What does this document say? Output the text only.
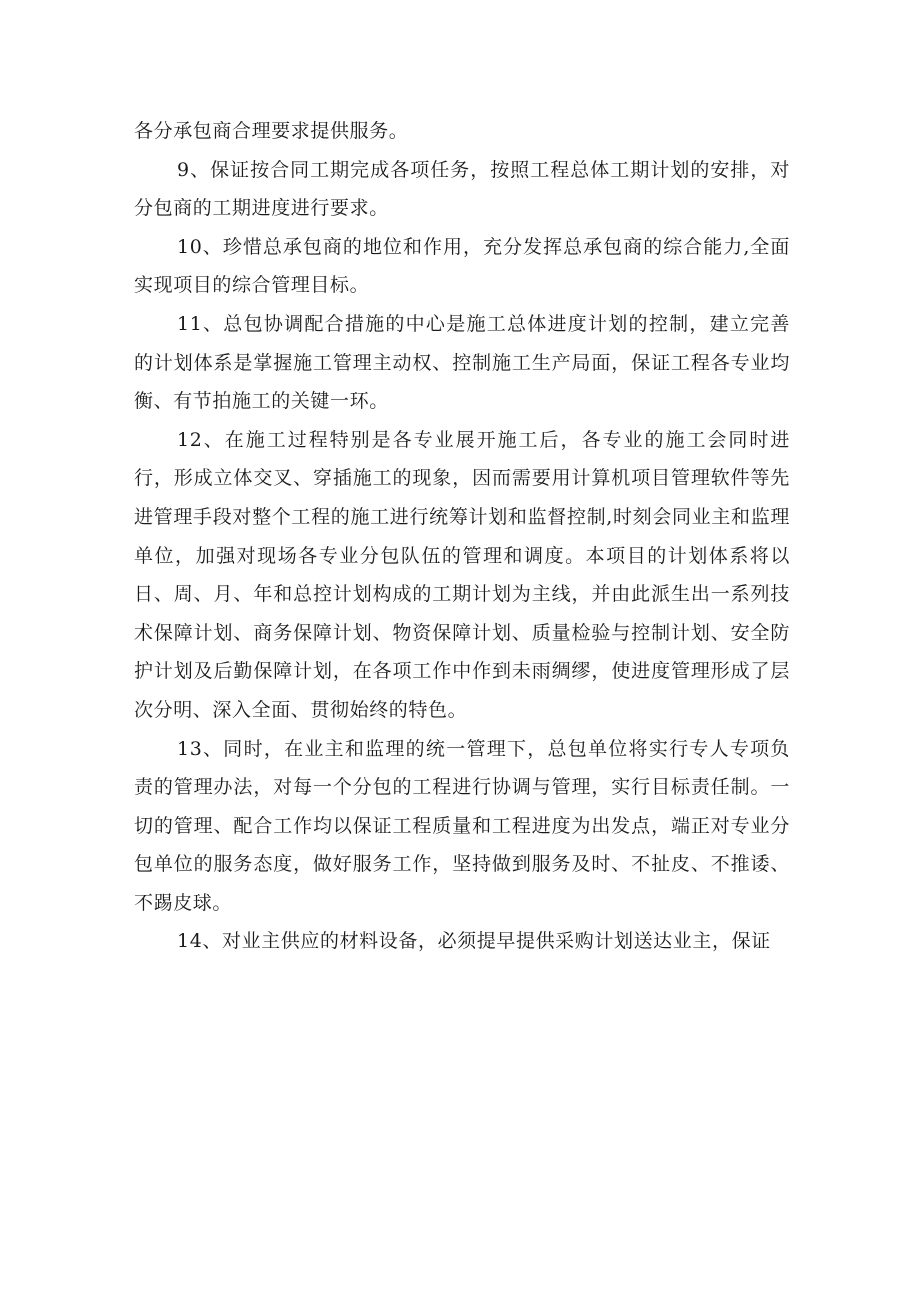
各分承包商合理要求提供服务。

9、保证按合同工期完成各项任务，按照工程总体工期计划的安排，对分包商的工期进度进行要求。

10、珍惜总承包商的地位和作用，充分发挥总承包商的综合能力,全面实现项目的综合管理目标。

11、总包协调配合措施的中心是施工总体进度计划的控制，建立完善的计划体系是掌握施工管理主动权、控制施工生产局面，保证工程各专业均衡、有节拍施工的关键一环。

12、在施工过程特别是各专业展开施工后，各专业的施工会同时进行，形成立体交叉、穿插施工的现象，因而需要用计算机项目管理软件等先进管理手段对整个工程的施工进行统筹计划和监督控制,时刻会同业主和监理单位，加强对现场各专业分包队伍的管理和调度。本项目的计划体系将以日、周、月、年和总控计划构成的工期计划为主线，并由此派生出一系列技术保障计划、商务保障计划、物资保障计划、质量检验与控制计划、安全防护计划及后勤保障计划，在各项工作中作到未雨绸缪，使进度管理形成了层次分明、深入全面、贯彻始终的特色。

13、同时，在业主和监理的统一管理下，总包单位将实行专人专项负责的管理办法，对每一个分包的工程进行协调与管理，实行目标责任制。一切的管理、配合工作均以保证工程质量和工程进度为出发点，端正对专业分包单位的服务态度，做好服务工作，坚持做到服务及时、不扯皮、不推诿、不踢皮球。

14、对业主供应的材料设备，必须提早提供采购计划送达业主，保证
